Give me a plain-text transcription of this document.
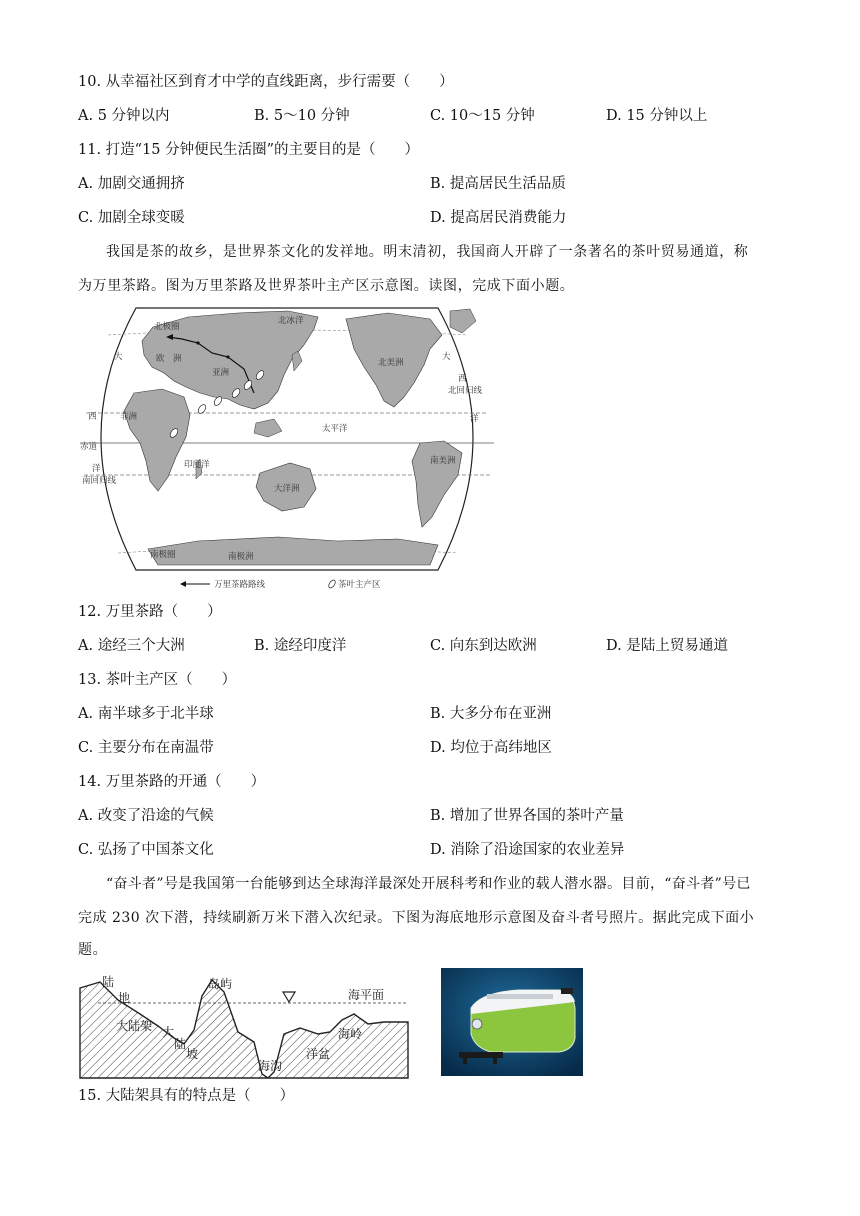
10. 从幸福社区到育才中学的直线距离，步行需要（　　）
A. 5 分钟以内	B. 5～10 分钟	C. 10～15 分钟	D. 15 分钟以上
11. 打造“15 分钟便民生活圈”的主要目的是（　　）
A. 加剧交通拥挤	B. 提高居民生活品质
C. 加剧全球变暖	D. 提高居民消费能力
我国是茶的故乡，是世界茶文化的发祥地。明末清初，我国商人开辟了一条著名的茶叶贸易通道，称
为万里茶路。图为万里茶路及世界茶叶主产区示意图。读图，完成下面小题。
北极圈
北冰洋
大	欧　洲
亚洲
西	非洲
北美洲
大
西
北回归线
洋
太平洋
赤道
洋	印度洋
南回归线
南美洲
大洋洲
南极圈	南极洲
万里茶路路线	茶叶主产区
12. 万里茶路（　　）
A. 途经三个大洲	B. 途经印度洋	C. 向东到达欧洲	D. 是陆上贸易通道
13. 茶叶主产区（　　）
A. 南半球多于北半球	B. 大多分布在亚洲
C. 主要分布在南温带	D. 均位于高纬地区
14. 万里茶路的开通（　　）
A. 改变了沿途的气候	B. 增加了世界各国的茶叶产量
C. 弘扬了中国茶文化	D. 消除了沿途国家的农业差异
“奋斗者”号是我国第一台能够到达全球海洋最深处开展科考和作业的载人潜水器。目前，“奋斗者”号已
完成 230 次下潜，持续刷新万米下潜入次纪录。下图为海底地形示意图及奋斗者号照片。据此完成下面小
题。
陆
地
岛屿
海平面
大陆架 大
陆
坡
海岭
洋盆
海沟
15. 大陆架具有的特点是（　　）
